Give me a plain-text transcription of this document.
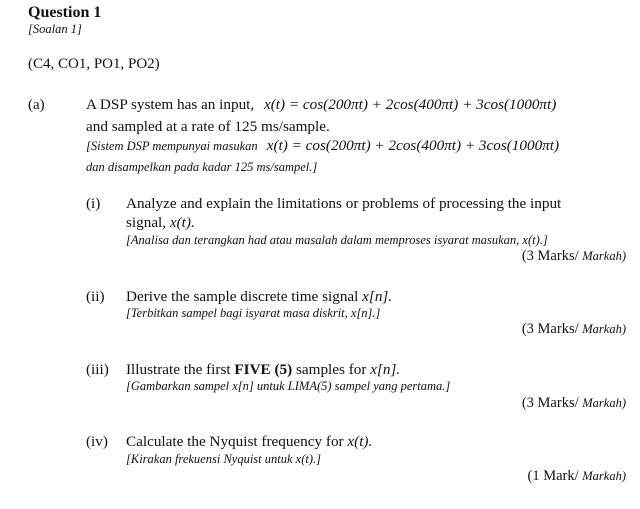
Question 1
[Soalan 1]
(C4, CO1, PO1, PO2)
(a)	A DSP system has an input, x(t) = cos(200πt) + 2cos(400πt) + 3cos(1000πt)
and sampled at a rate of 125 ms/sample.
[Sistem DSP mempunyai masukan x(t) = cos(200πt) + 2cos(400πt) + 3cos(1000πt)
dan disampelkan pada kadar 125 ms/sampel.]
(i) Analyze and explain the limitations or problems of processing the input
signal, x(t).
[Analisa dan terangkan had atau masalah dalam memproses isyarat masukan, x(t).]
(3 Marks/ Markah)
(ii) Derive the sample discrete time signal x[n].
[Terbitkan sampel bagi isyarat masa diskrit, x[n].]
(3 Marks/ Markah)
(iii) Illustrate the first FIVE (5) samples for x[n].
[Gambarkan sampel x[n] untuk LIMA(5) sampel yang pertama.]
(3 Marks/ Markah)
(iv) Calculate the Nyquist frequency for x(t).
[Kirakan frekuensi Nyquist untuk x(t).]
(1 Mark/ Markah)
